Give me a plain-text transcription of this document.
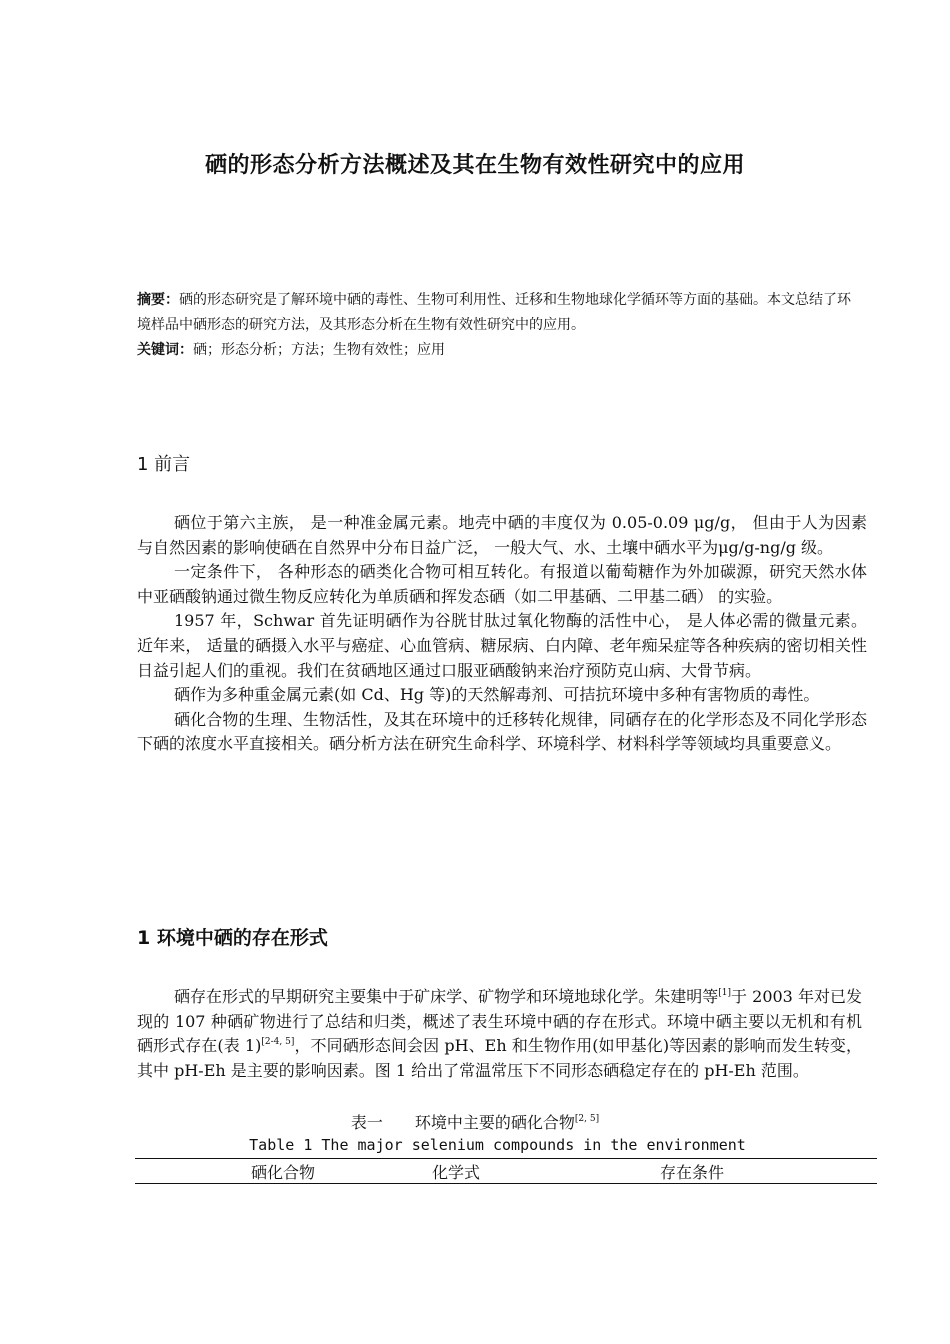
硒的形态分析方法概述及其在生物有效性研究中的应用
摘要：硒的形态研究是了解环境中硒的毒性、生物可利用性、迁移和生物地球化学循环等方面的基础。本文总结了环境样品中硒形态的研究方法，及其形态分析在生物有效性研究中的应用。
关键词：硒；形态分析；方法；生物有效性；应用
1 前言

硒位于第六主族， 是一种准金属元素。地壳中硒的丰度仅为 0.05-0.09 μg/g， 但由于人为因素与自然因素的影响使硒在自然界中分布日益广泛， 一般大气、水、土壤中硒水平为μg/g-ng/g 级。

一定条件下， 各种形态的硒类化合物可相互转化。有报道以葡萄糖作为外加碳源，研究天然水体中亚硒酸钠通过微生物反应转化为单质硒和挥发态硒（如二甲基硒、二甲基二硒） 的实验。

1957 年，Schwar 首先证明硒作为谷胱甘肽过氧化物酶的活性中心， 是人体必需的微量元素。近年来， 适量的硒摄入水平与癌症、心血管病、糖尿病、白内障、老年痴呆症等各种疾病的密切相关性日益引起人们的重视。我们在贫硒地区通过口服亚硒酸钠来治疗预防克山病、大骨节病。

硒作为多种重金属元素(如 Cd、Hg 等)的天然解毒剂、可拮抗环境中多种有害物质的毒性。

硒化合物的生理、生物活性，及其在环境中的迁移转化规律，同硒存在的化学形态及不同化学形态下硒的浓度水平直接相关。硒分析方法在研究生命科学、环境科学、材料科学等领域均具重要意义。

1 环境中硒的存在形式

硒存在形式的早期研究主要集中于矿床学、矿物学和环境地球化学。朱建明等[1]于 2003 年对已发现的 107 种硒矿物进行了总结和归类，概述了表生环境中硒的存在形式。环境中硒主要以无机和有机硒形式存在(表 1)[2-4, 5]，不同硒形态间会因 pH、Eh 和生物作用(如甲基化)等因素的影响而发生转变，其中 pH-Eh 是主要的影响因素。图 1 给出了常温常压下不同形态硒稳定存在的 pH-Eh 范围。

表一　　环境中主要的硒化合物[2, 5]
Table 1 The major selenium compounds in the environment
硒化合物	化学式	存在条件
